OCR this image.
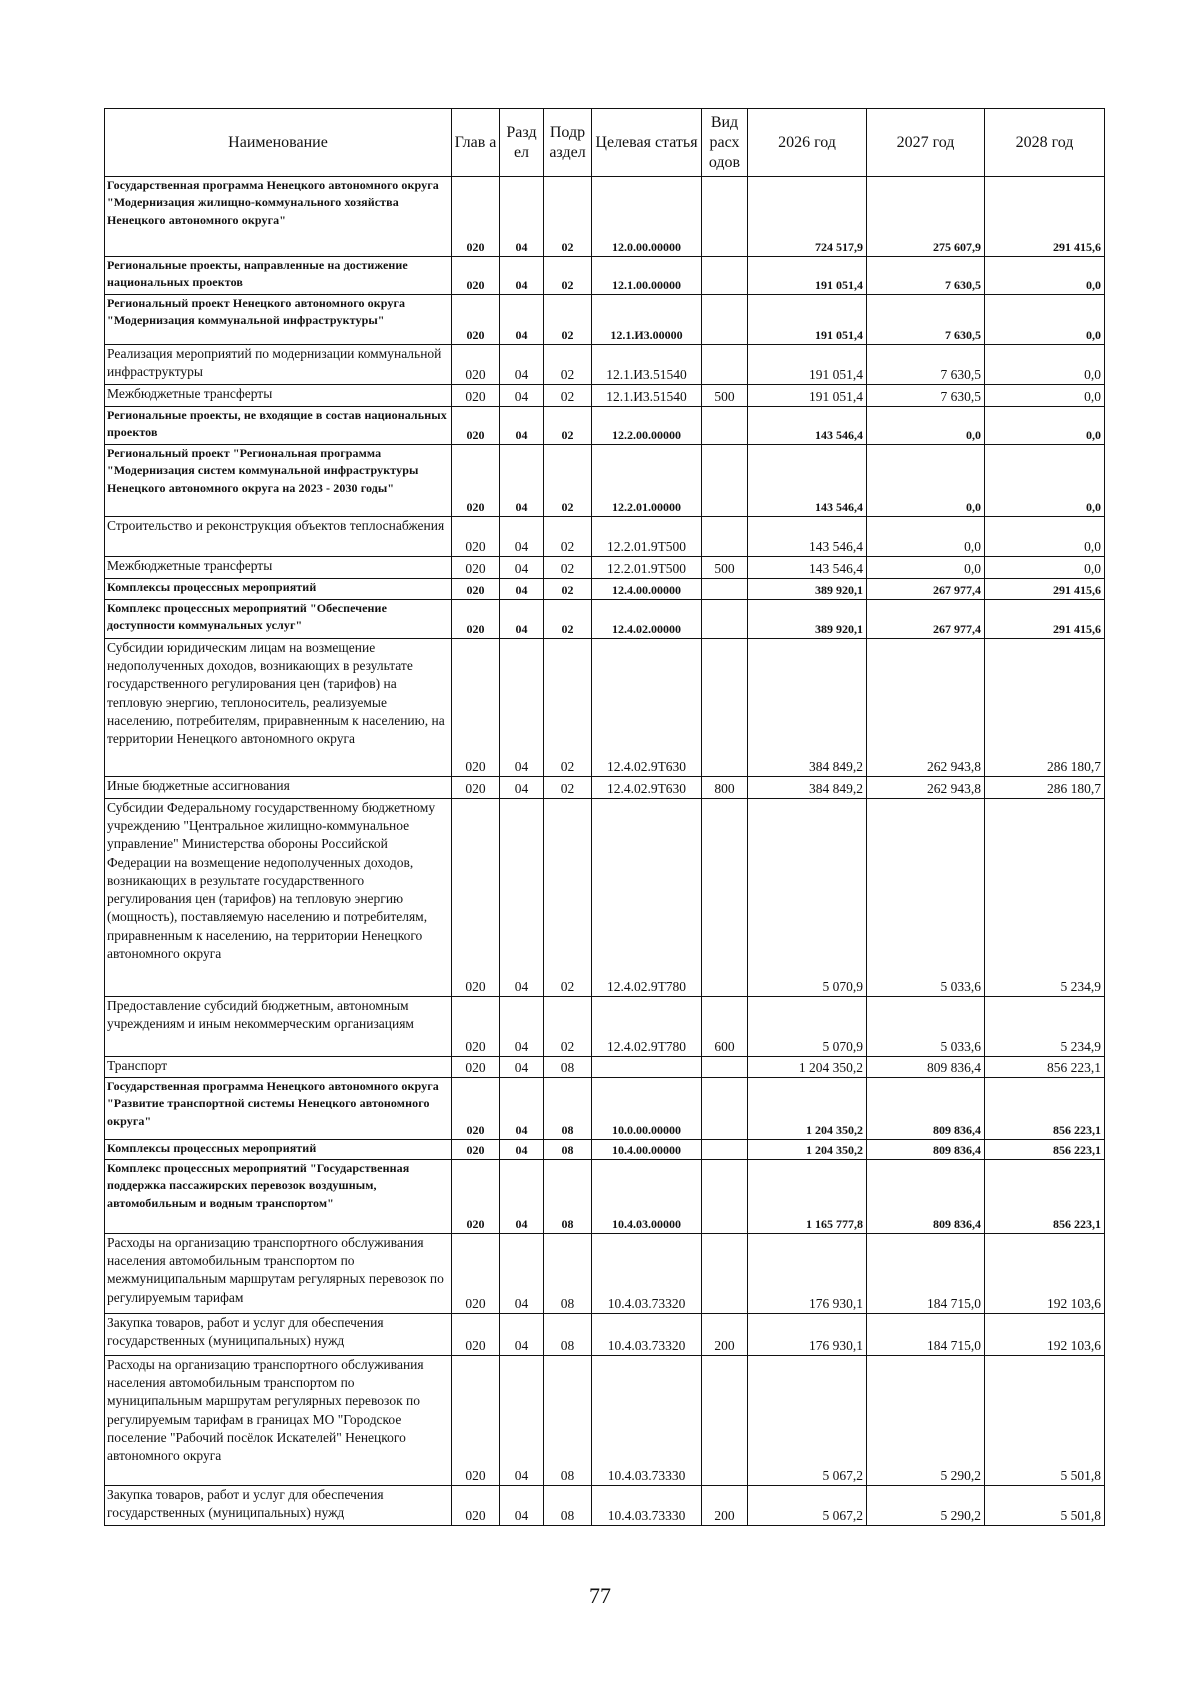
Наименование	Глав а	Разд ел	Подр аздел	Целевая статья	Вид расх одов	2026 год	2027 год	2028 год
Государственная программа Ненецкого автономного округа "Модернизация жилищно-коммунального хозяйства Ненецкого автономного округа"	020	04	02	12.0.00.00000		724 517,9	275 607,9	291 415,6
Региональные проекты, направленные на достижение национальных проектов	020	04	02	12.1.00.00000		191 051,4	7 630,5	0,0
Региональный проект Ненецкого автономного округа "Модернизация коммунальной инфраструктуры"	020	04	02	12.1.И3.00000		191 051,4	7 630,5	0,0
Реализация мероприятий по модернизации коммунальной инфраструктуры	020	04	02	12.1.И3.51540		191 051,4	7 630,5	0,0
Межбюджетные трансферты	020	04	02	12.1.И3.51540	500	191 051,4	7 630,5	0,0
Региональные проекты, не входящие в состав национальных проектов	020	04	02	12.2.00.00000		143 546,4	0,0	0,0
Региональный проект "Региональная программа "Модернизация систем коммунальной инфраструктуры Ненецкого автономного округа на 2023 - 2030 годы"	020	04	02	12.2.01.00000		143 546,4	0,0	0,0
Строительство и реконструкция объектов теплоснабжения	020	04	02	12.2.01.9Т500		143 546,4	0,0	0,0
Межбюджетные трансферты	020	04	02	12.2.01.9Т500	500	143 546,4	0,0	0,0
Комплексы процессных мероприятий	020	04	02	12.4.00.00000		389 920,1	267 977,4	291 415,6
Комплекс процессных мероприятий "Обеспечение доступности коммунальных услуг"	020	04	02	12.4.02.00000		389 920,1	267 977,4	291 415,6
Субсидии юридическим лицам на возмещение недополученных доходов, возникающих в результате государственного регулирования цен (тарифов) на тепловую энергию, теплоноситель, реализуемые населению, потребителям, приравненным к населению, на территории Ненецкого автономного округа	020	04	02	12.4.02.9Т630		384 849,2	262 943,8	286 180,7
Иные бюджетные ассигнования	020	04	02	12.4.02.9Т630	800	384 849,2	262 943,8	286 180,7
Субсидии Федеральному государственному бюджетному учреждению "Центральное жилищно-коммунальное управление" Министерства обороны Российской Федерации на возмещение недополученных доходов, возникающих в результате государственного регулирования цен (тарифов) на тепловую энергию (мощность), поставляемую населению и потребителям, приравненным к населению, на территории Ненецкого автономного округа	020	04	02	12.4.02.9Т780		5 070,9	5 033,6	5 234,9
Предоставление субсидий бюджетным, автономным учреждениям и иным некоммерческим организациям	020	04	02	12.4.02.9Т780	600	5 070,9	5 033,6	5 234,9
Транспорт	020	04	08			1 204 350,2	809 836,4	856 223,1
Государственная программа Ненецкого автономного округа "Развитие транспортной системы Ненецкого автономного округа"	020	04	08	10.0.00.00000		1 204 350,2	809 836,4	856 223,1
Комплексы процессных мероприятий	020	04	08	10.4.00.00000		1 204 350,2	809 836,4	856 223,1
Комплекс процессных мероприятий "Государственная поддержка пассажирских перевозок воздушным, автомобильным и водным транспортом"	020	04	08	10.4.03.00000		1 165 777,8	809 836,4	856 223,1
Расходы на организацию транспортного обслуживания населения автомобильным транспортом по межмуниципальным маршрутам регулярных перевозок по регулируемым тарифам	020	04	08	10.4.03.73320		176 930,1	184 715,0	192 103,6
Закупка товаров, работ и услуг для обеспечения государственных (муниципальных) нужд	020	04	08	10.4.03.73320	200	176 930,1	184 715,0	192 103,6
Расходы на организацию транспортного обслуживания населения автомобильным транспортом по муниципальным маршрутам регулярных перевозок по регулируемым тарифам в границах МО "Городское поселение "Рабочий посёлок Искателей" Ненецкого автономного округа	020	04	08	10.4.03.73330		5 067,2	5 290,2	5 501,8
Закупка товаров, работ и услуг для обеспечения государственных (муниципальных) нужд	020	04	08	10.4.03.73330	200	5 067,2	5 290,2	5 501,8
77
